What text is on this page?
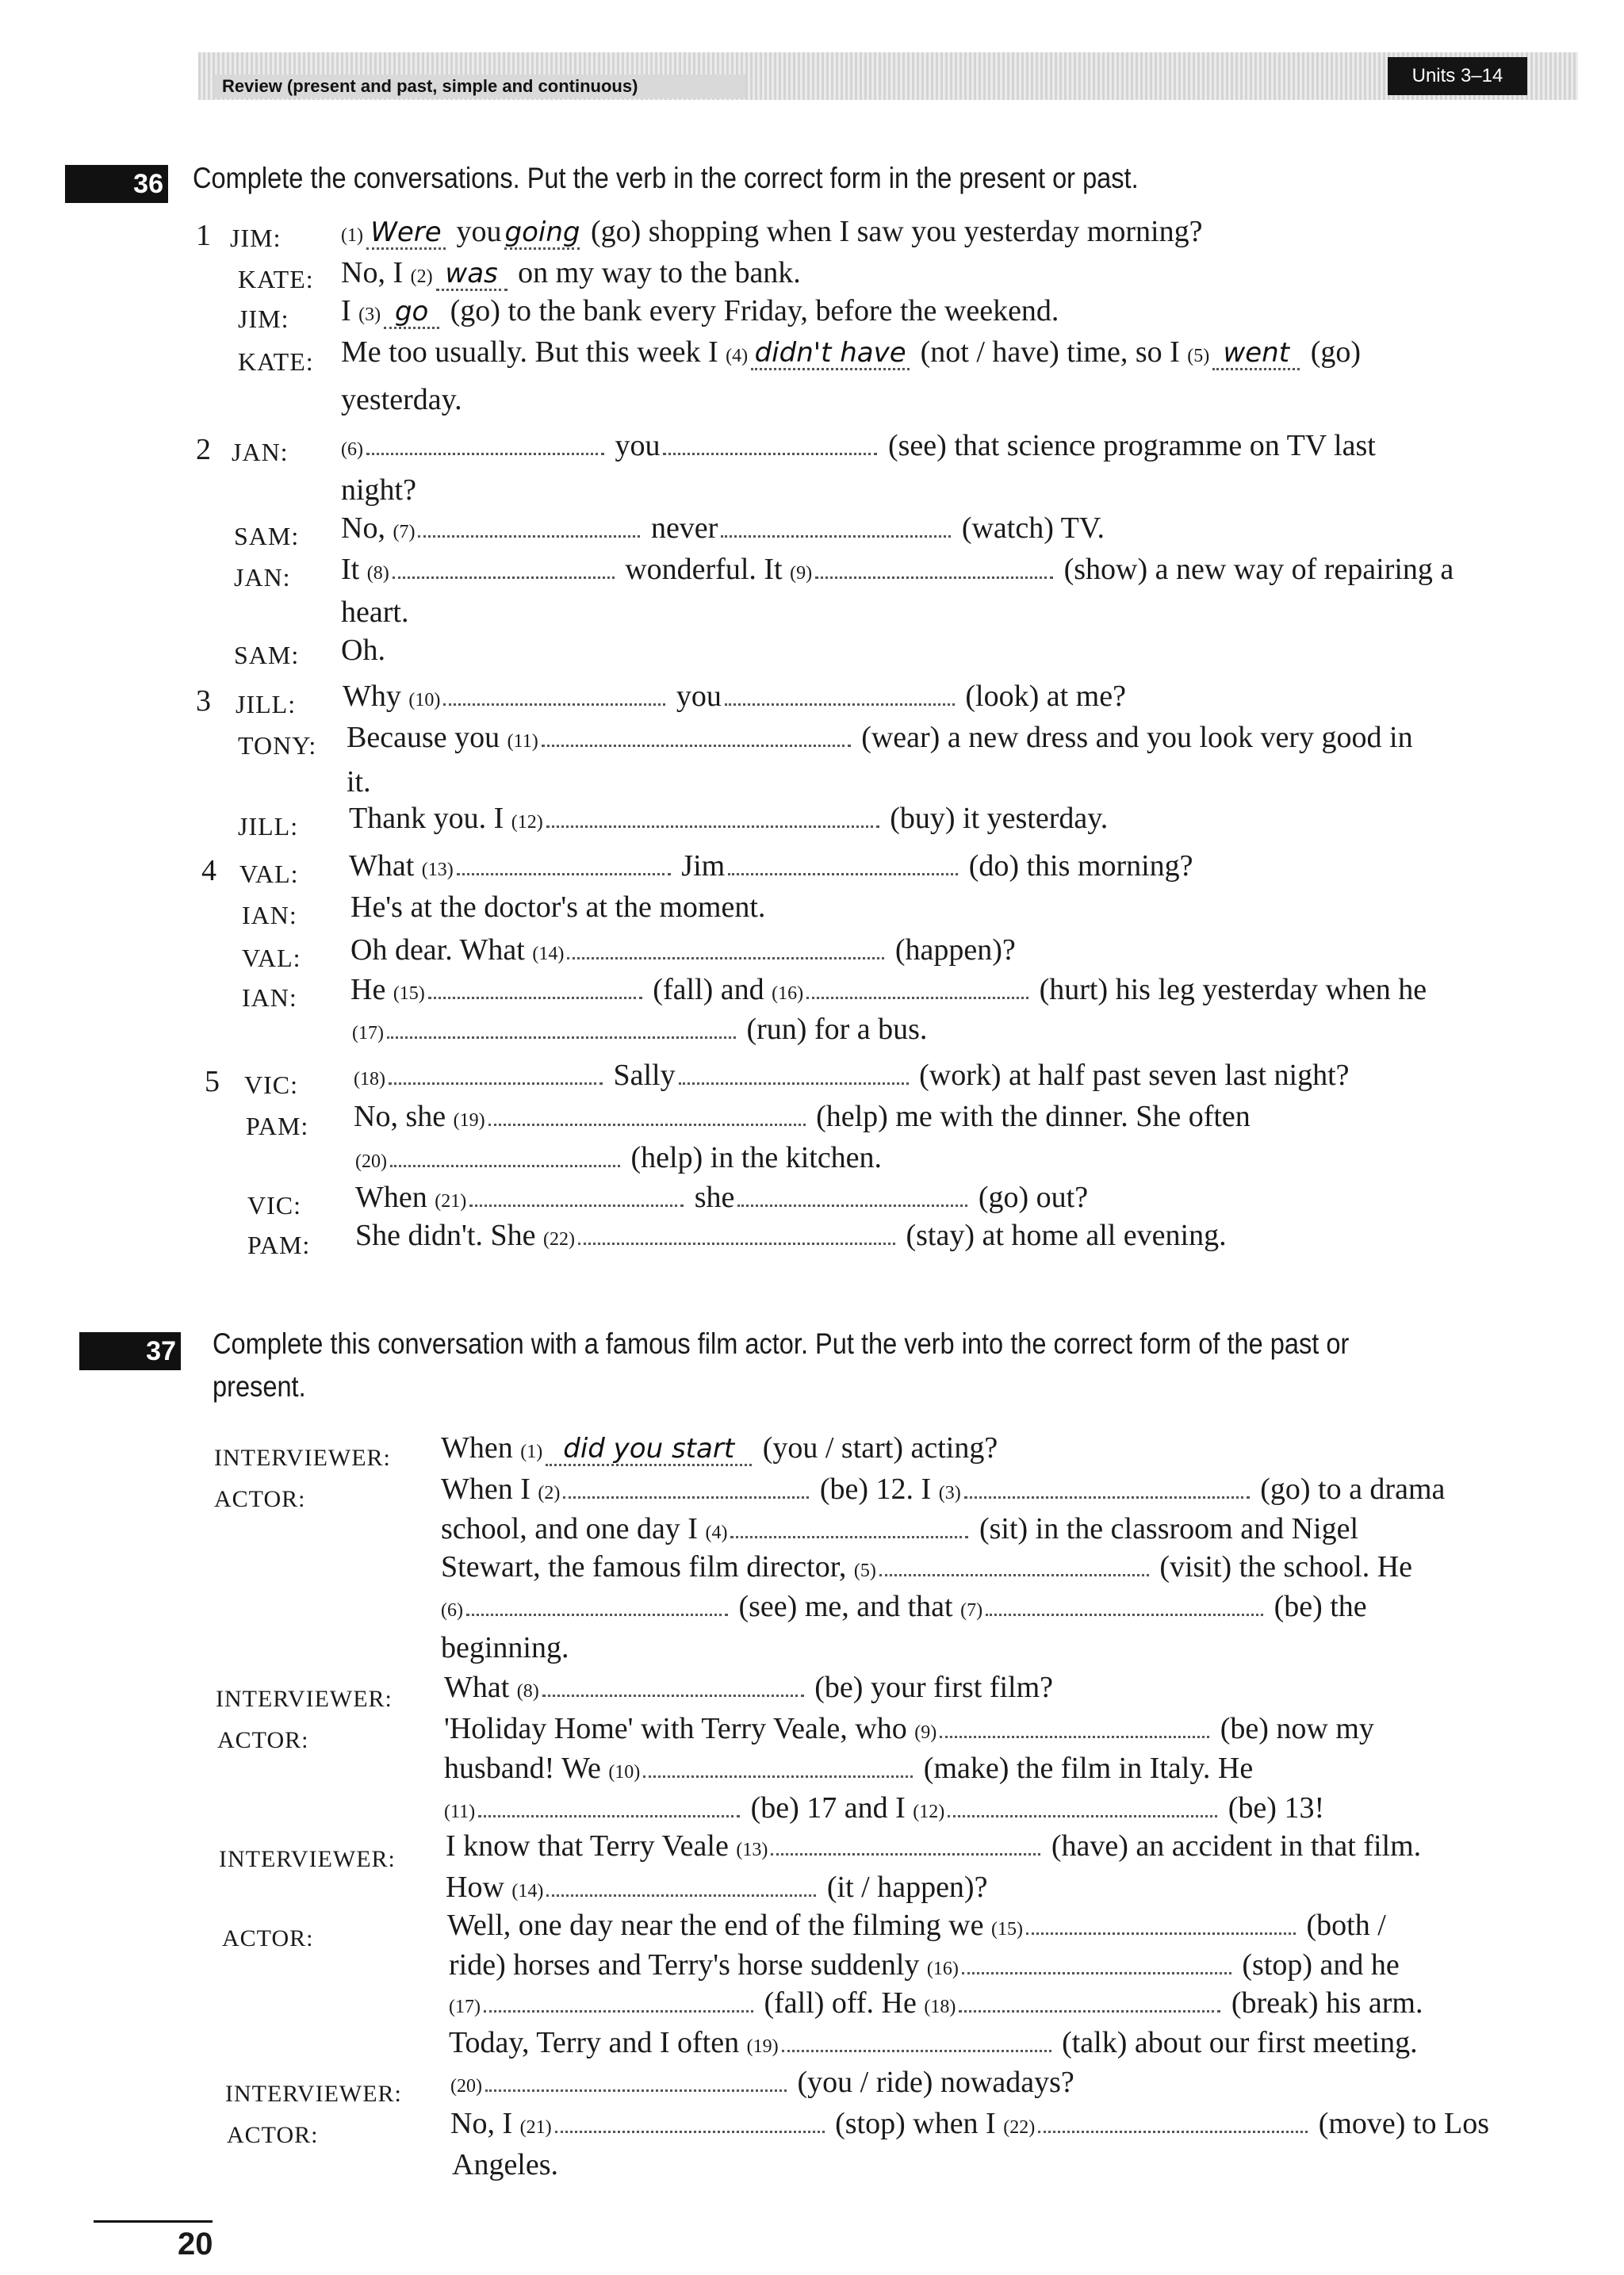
Review (present and past, simple and continuous)	Units 3–14
36 Complete the conversations. Put the verb in the correct form in the present or past.
1 JIM:	(1) Were you going (go) shopping when I saw you yesterday morning?
KATE: No, I (2) was on my way to the bank.
JIM: I (3) go (go) to the bank every Friday, before the weekend.
KATE: Me too usually. But this week I (4) didn't have (not / have) time, so I (5) went (go)
yesterday.
2 JAN:	(6)	you	(see) that science programme on TV last
night?
SAM: No, (7)	never	(watch) TV.
JAN: It (8)	wonderful. It (9)	(show) a new way of repairing a
heart.
SAM: Oh.
3 JILL: Why (10)	you	(look) at me?
TONY: Because you (11)	(wear) a new dress and you look very good in
it.
JILL: Thank you. I (12)	(buy) it yesterday.
4 VAL: What (13)	Jim	(do) this morning?
IAN: He's at the doctor's at the moment.
VAL: Oh dear. What (14)	(happen)?
IAN: He (15)	(fall) and (16)	(hurt) his leg yesterday when he
(17)	(run) for a bus.
5 VIC:	(18)	Sally	(work) at half past seven last night?
PAM: No, she (19)	(help) me with the dinner. She often
(20)	(help) in the kitchen.
VIC: When (21)	she	(go) out?
PAM: She didn't. She (22)	(stay) at home all evening.
37 Complete this conversation with a famous film actor. Put the verb into the correct form of the past or
present.
INTERVIEWER: When (1) did you start (you / start) acting?
ACTOR:	When I (2)	(be) 12. I (3)	(go) to a drama
school, and one day I (4)	(sit) in the classroom and Nigel
Stewart, the famous film director, (5)	(visit) the school. He
(6)	(see) me, and that (7)	(be) the
beginning.
INTERVIEWER: What (8)	(be) your first film?
ACTOR:	'Holiday Home' with Terry Veale, who (9)	(be) now my
husband! We (10)	(make) the film in Italy. He
(11)	(be) 17 and I (12)	(be) 13!
INTERVIEWER: I know that Terry Veale (13)	(have) an accident in that film.
How (14)	(it / happen)?
ACTOR:	Well, one day near the end of the filming we (15)	(both /
ride) horses and Terry's horse suddenly (16)	(stop) and he
(17)	(fall) off. He (18)	(break) his arm.
Today, Terry and I often (19)	(talk) about our first meeting.
INTERVIEWER:	(20)	(you / ride) nowadays?
ACTOR:	No, I (21)	(stop) when I (22)	(move) to Los
Angeles.
20
